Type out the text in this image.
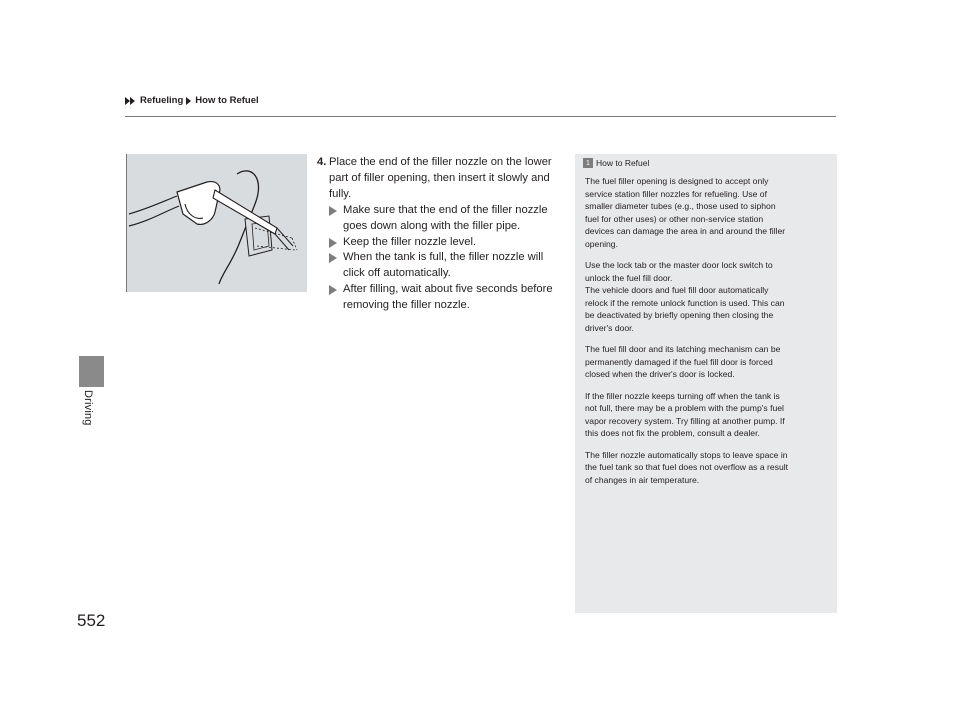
Refueling How to Refuel
Driving
552
4. Place the end of the filler nozzle on the lower part of filler opening, then insert it slowly and fully.
Make sure that the end of the filler nozzle goes down along with the filler pipe.
Keep the filler nozzle level.
When the tank is full, the filler nozzle will click off automatically.
After filling, wait about five seconds before removing the filler nozzle.
1 How to Refuel

The fuel filler opening is designed to accept only
service station filler nozzles for refueling. Use of
smaller diameter tubes (e.g., those used to siphon
fuel for other uses) or other non-service station
devices can damage the area in and around the filler
opening.

Use the lock tab or the master door lock switch to
unlock the fuel fill door.
The vehicle doors and fuel fill door automatically
relock if the remote unlock function is used. This can
be deactivated by briefly opening then closing the
driver's door.

The fuel fill door and its latching mechanism can be
permanently damaged if the fuel fill door is forced
closed when the driver's door is locked.

If the filler nozzle keeps turning off when the tank is
not full, there may be a problem with the pump's fuel
vapor recovery system. Try filling at another pump. If
this does not fix the problem, consult a dealer.

The filler nozzle automatically stops to leave space in
the fuel tank so that fuel does not overflow as a result
of changes in air temperature.
